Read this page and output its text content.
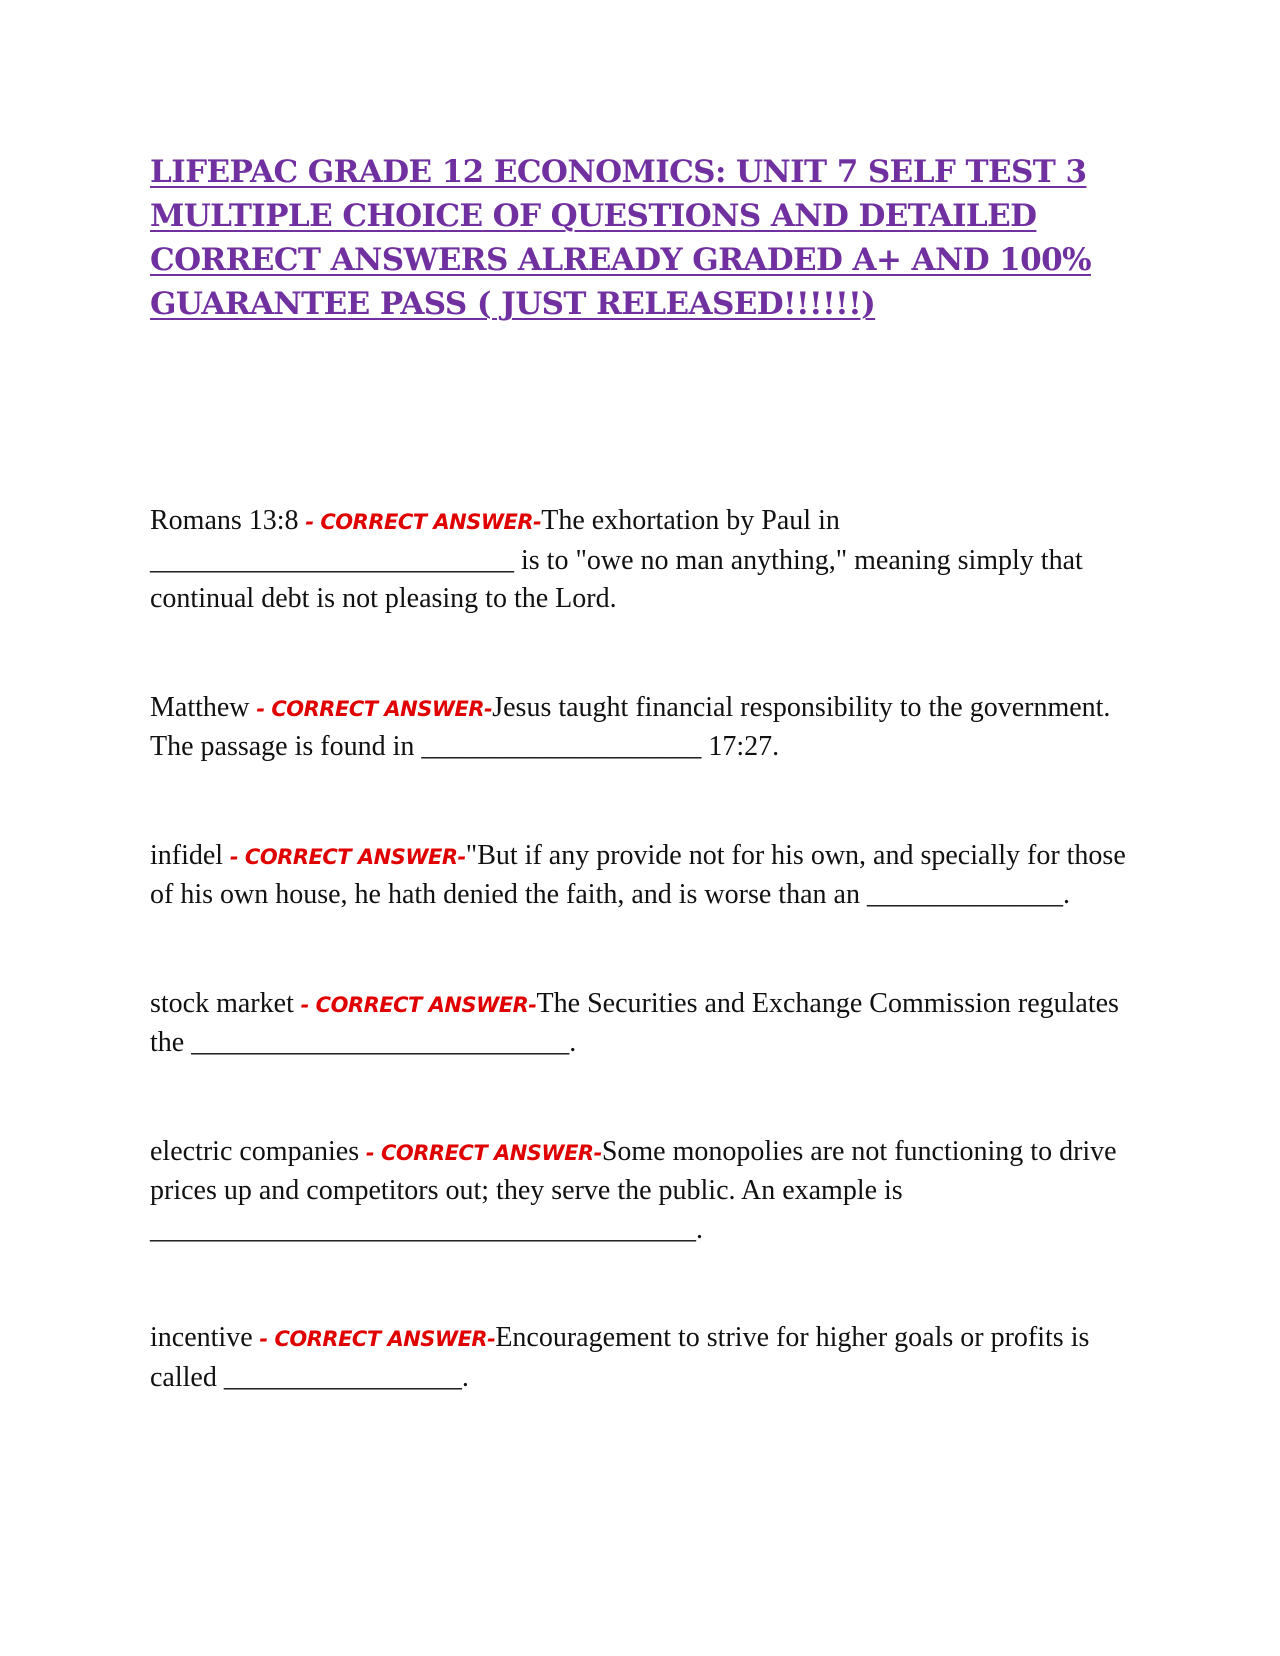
LIFEPAC GRADE 12 ECONOMICS: UNIT 7 SELF TEST 3 MULTIPLE CHOICE OF QUESTIONS AND DETAILED CORRECT ANSWERS ALREADY GRADED A+ AND 100% GUARANTEE PASS ( JUST RELEASED!!!!!!)

Romans 13:8 - CORRECT ANSWER-The exhortation by Paul in __________________________ is to "owe no man anything," meaning simply that continual debt is not pleasing to the Lord.

Matthew - CORRECT ANSWER-Jesus taught financial responsibility to the government. The passage is found in ____________________ 17:27.

infidel - CORRECT ANSWER-"But if any provide not for his own, and specially for those of his own house, he hath denied the faith, and is worse than an ______________.

stock market - CORRECT ANSWER-The Securities and Exchange Commission regulates the ___________________________.

electric companies - CORRECT ANSWER-Some monopolies are not functioning to drive prices up and competitors out; they serve the public. An example is _______________________________________.

incentive - CORRECT ANSWER-Encouragement to strive for higher goals or profits is called _________________.
